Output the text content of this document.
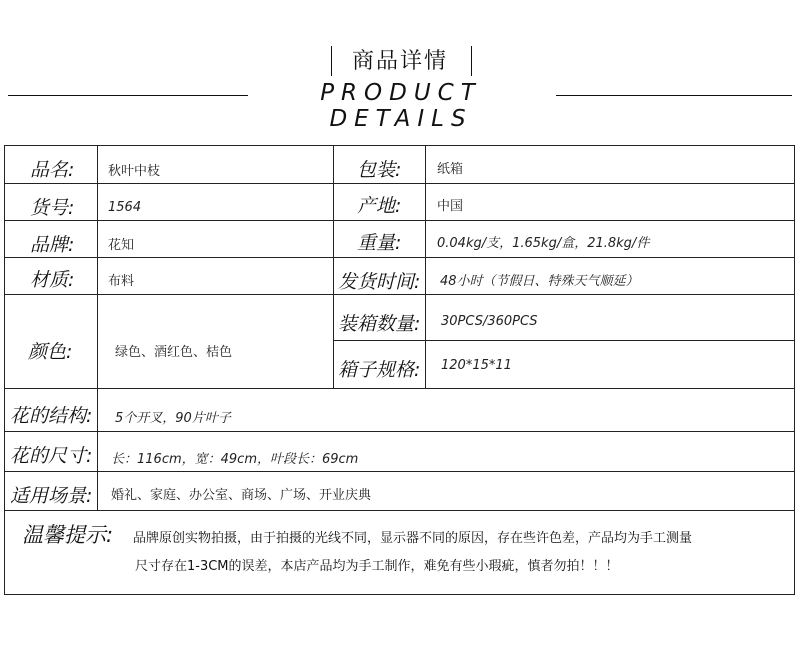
商品详情
PRODUCT DETAILS
品名:	秋叶中枝	包装:	纸箱
货号:	1564	产地:	中国
品牌:	花知	重量:	0.04kg/支，1.65kg/盒，21.8kg/件
材质:	布料	发货时间: 48小时（节假日、特殊天气顺延）
颜色:	绿色、酒红色、桔色
装箱数量: 30PCS/360PCS
箱子规格: 120*15*11
花的结构: 5个开叉，90片叶子
花的尺寸: 长：116cm，宽：49cm，叶段长：69cm
适用场景: 婚礼、家庭、办公室、商场、广场、开业庆典
温馨提示: 品牌原创实物拍摄，由于拍摄的光线不同，显示器不同的原因，存在些许色差，产品均为手工测量
尺寸存在1-3CM的误差，本店产品均为手工制作，难免有些小瑕疵，慎者勿拍！！！
